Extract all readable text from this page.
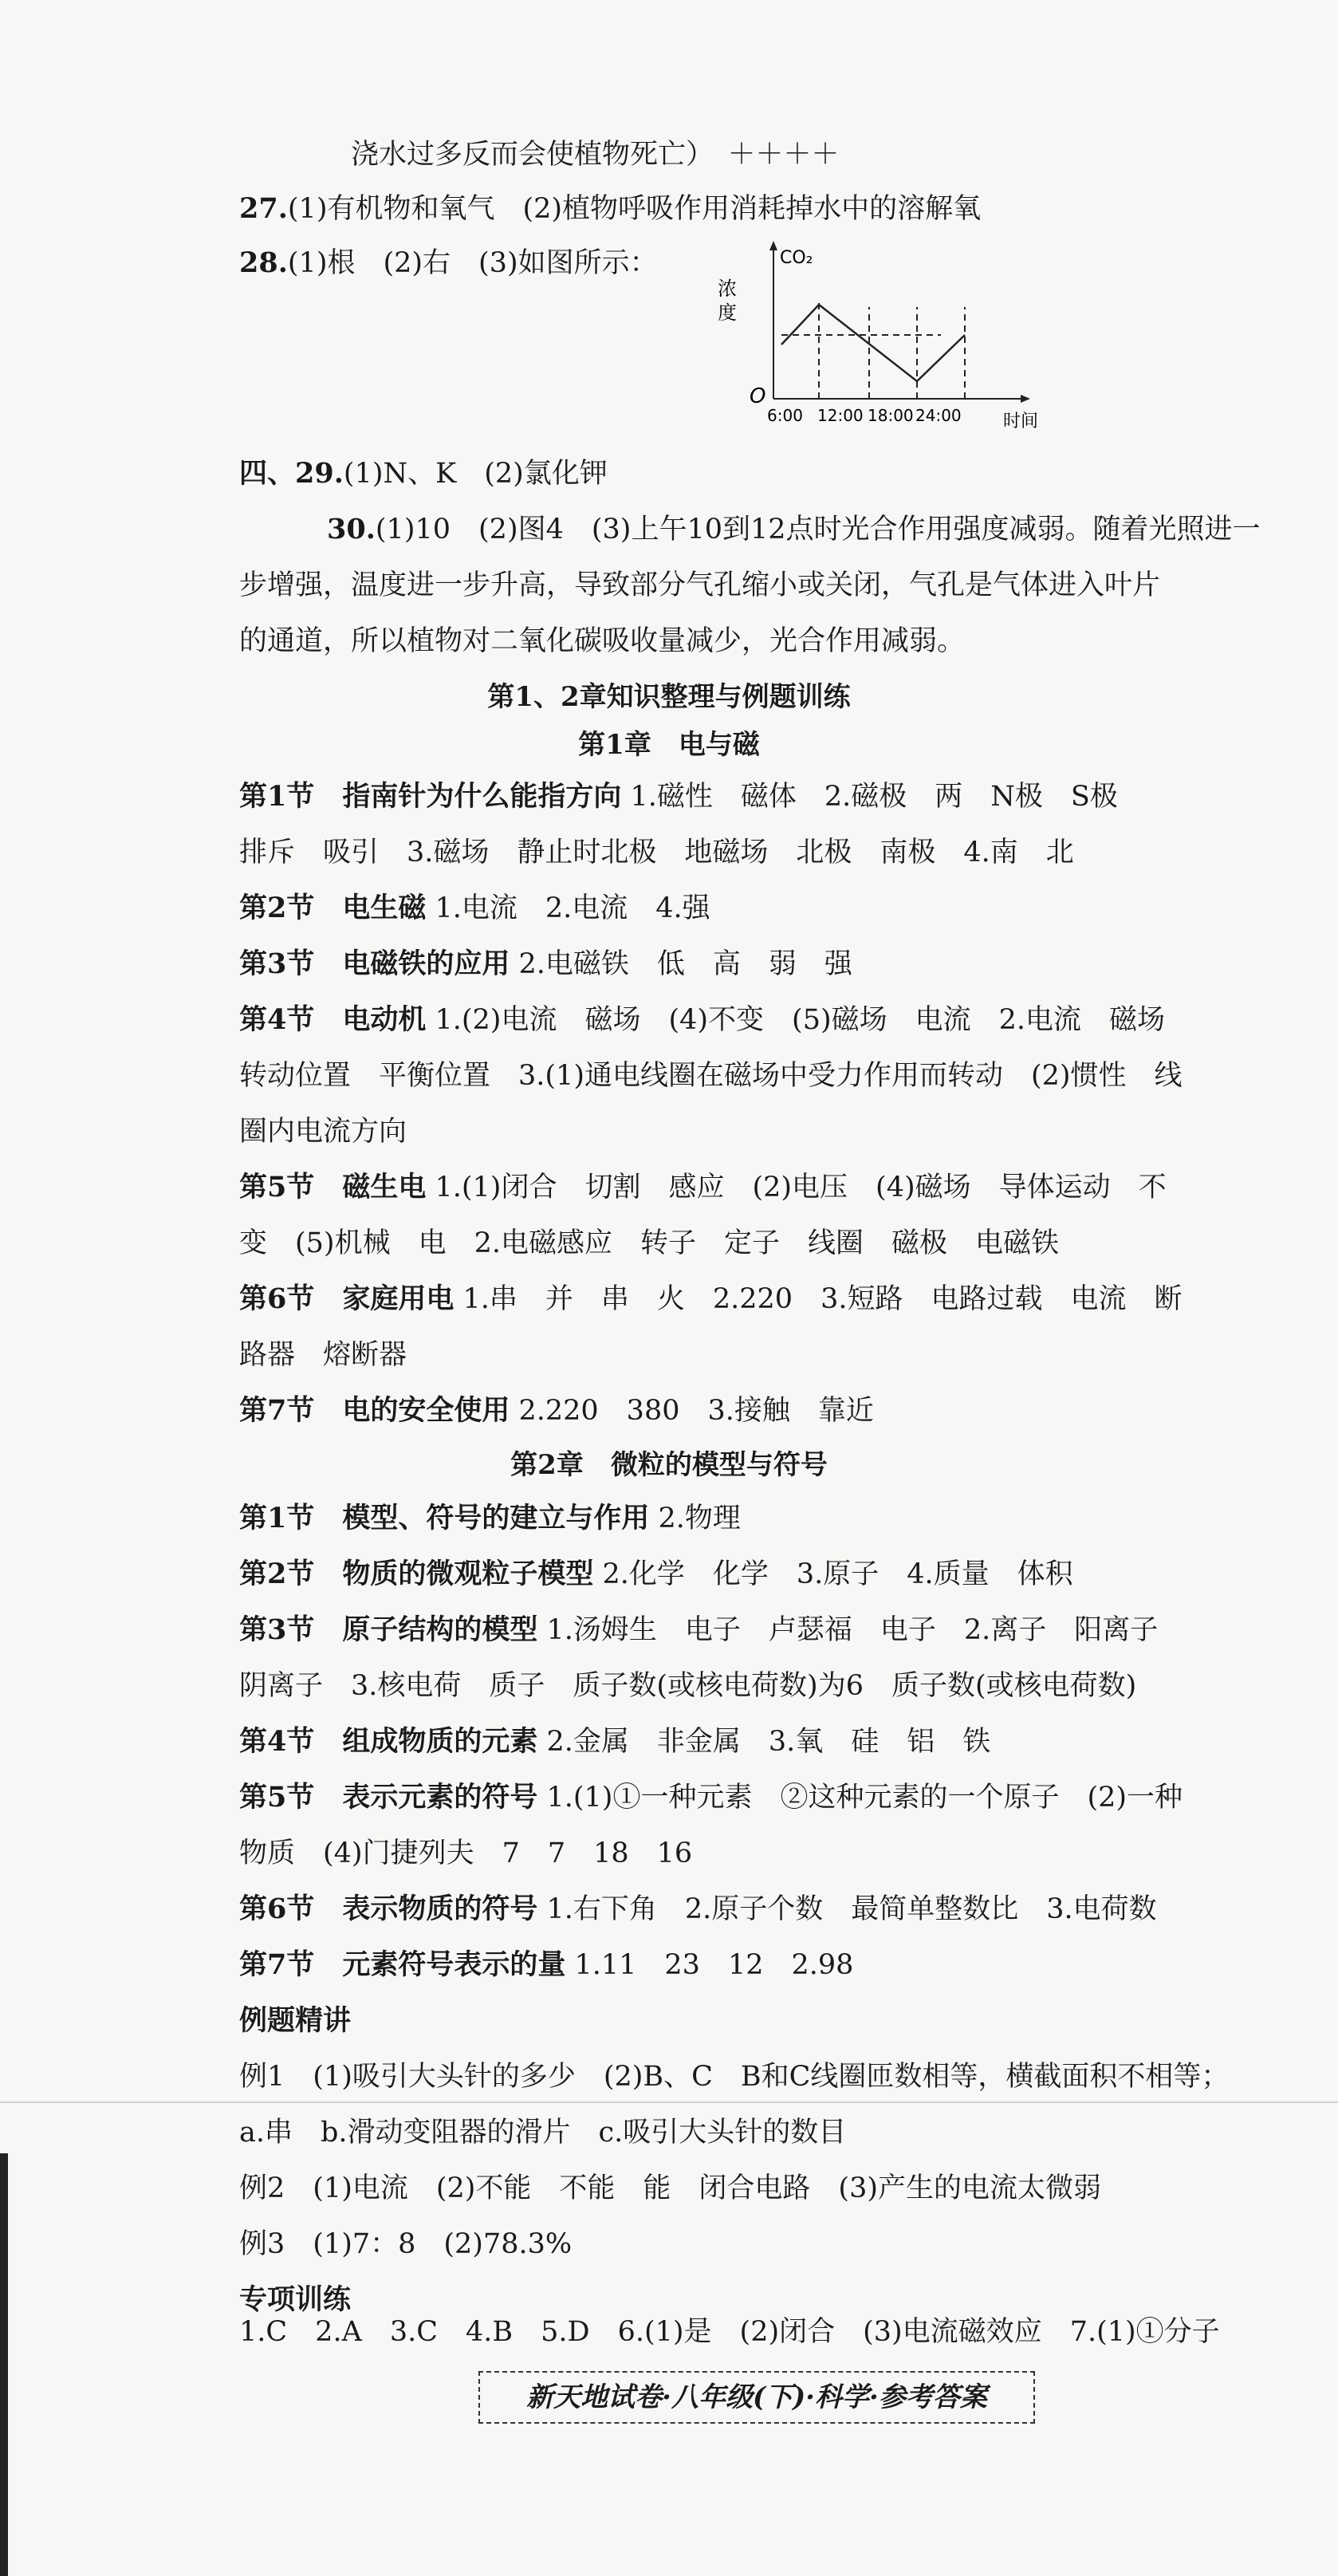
浇水过多反而会使植物死亡）　＋＋＋＋
27.(1)有机物和氧气　(2)植物呼吸作用消耗掉水中的溶解氧
28.(1)根　(2)右　(3)如图所示：	CO₂
浓
度
O
6:00 12:00 18:00 24:00 时间
四、29.(1)N、K　(2)氯化钾
30.(1)10　(2)图4　(3)上午10到12点时光合作用强度减弱。随着光照进一
步增强，温度进一步升高，导致部分气孔缩小或关闭，气孔是气体进入叶片
的通道，所以植物对二氧化碳吸收量减少，光合作用减弱。
第1、2章知识整理与例题训练
第1章　电与磁
第1节　指南针为什么能指方向 1.磁性　磁体　2.磁极　两　N极　S极
排斥　吸引　3.磁场　静止时北极　地磁场　北极　南极　4.南　北
第2节　电生磁 1.电流　2.电流　4.强
第3节　电磁铁的应用 2.电磁铁　低　高　弱　强
第4节　电动机 1.(2)电流　磁场　(4)不变　(5)磁场　电流　2.电流　磁场
转动位置　平衡位置　3.(1)通电线圈在磁场中受力作用而转动　(2)惯性　线
圈内电流方向
第5节　磁生电 1.(1)闭合　切割　感应　(2)电压　(4)磁场　导体运动　不
变　(5)机械　电　2.电磁感应　转子　定子　线圈　磁极　电磁铁
第6节　家庭用电 1.串　并　串　火　2.220　3.短路　电路过载　电流　断
路器　熔断器
第7节　电的安全使用 2.220　380　3.接触　靠近
第2章　微粒的模型与符号
第1节　模型、符号的建立与作用 2.物理
第2节　物质的微观粒子模型 2.化学　化学　3.原子　4.质量　体积
第3节　原子结构的模型 1.汤姆生　电子　卢瑟福　电子　2.离子　阳离子
阴离子　3.核电荷　质子　质子数(或核电荷数)为6　质子数(或核电荷数)
第4节　组成物质的元素 2.金属　非金属　3.氧　硅　铝　铁
第5节　表示元素的符号 1.(1)①一种元素　②这种元素的一个原子　(2)一种
物质　(4)门捷列夫　7　7　18　16
第6节　表示物质的符号 1.右下角　2.原子个数　最简单整数比　3.电荷数
第7节　元素符号表示的量 1.11　23　12　2.98
例题精讲
例1　(1)吸引大头针的多少　(2)B、C　B和C线圈匝数相等，横截面积不相等；
a.串　b.滑动变阻器的滑片　c.吸引大头针的数目
例2　(1)电流　(2)不能　不能　能　闭合电路　(3)产生的电流太微弱
例3　(1)7：8　(2)78.3%
专项训练
1.C　2.A　3.C　4.B　5.D　6.(1)是　(2)闭合　(3)电流磁效应　7.(1)①分子
新天地试卷·八年级(下)·科学·参考答案
